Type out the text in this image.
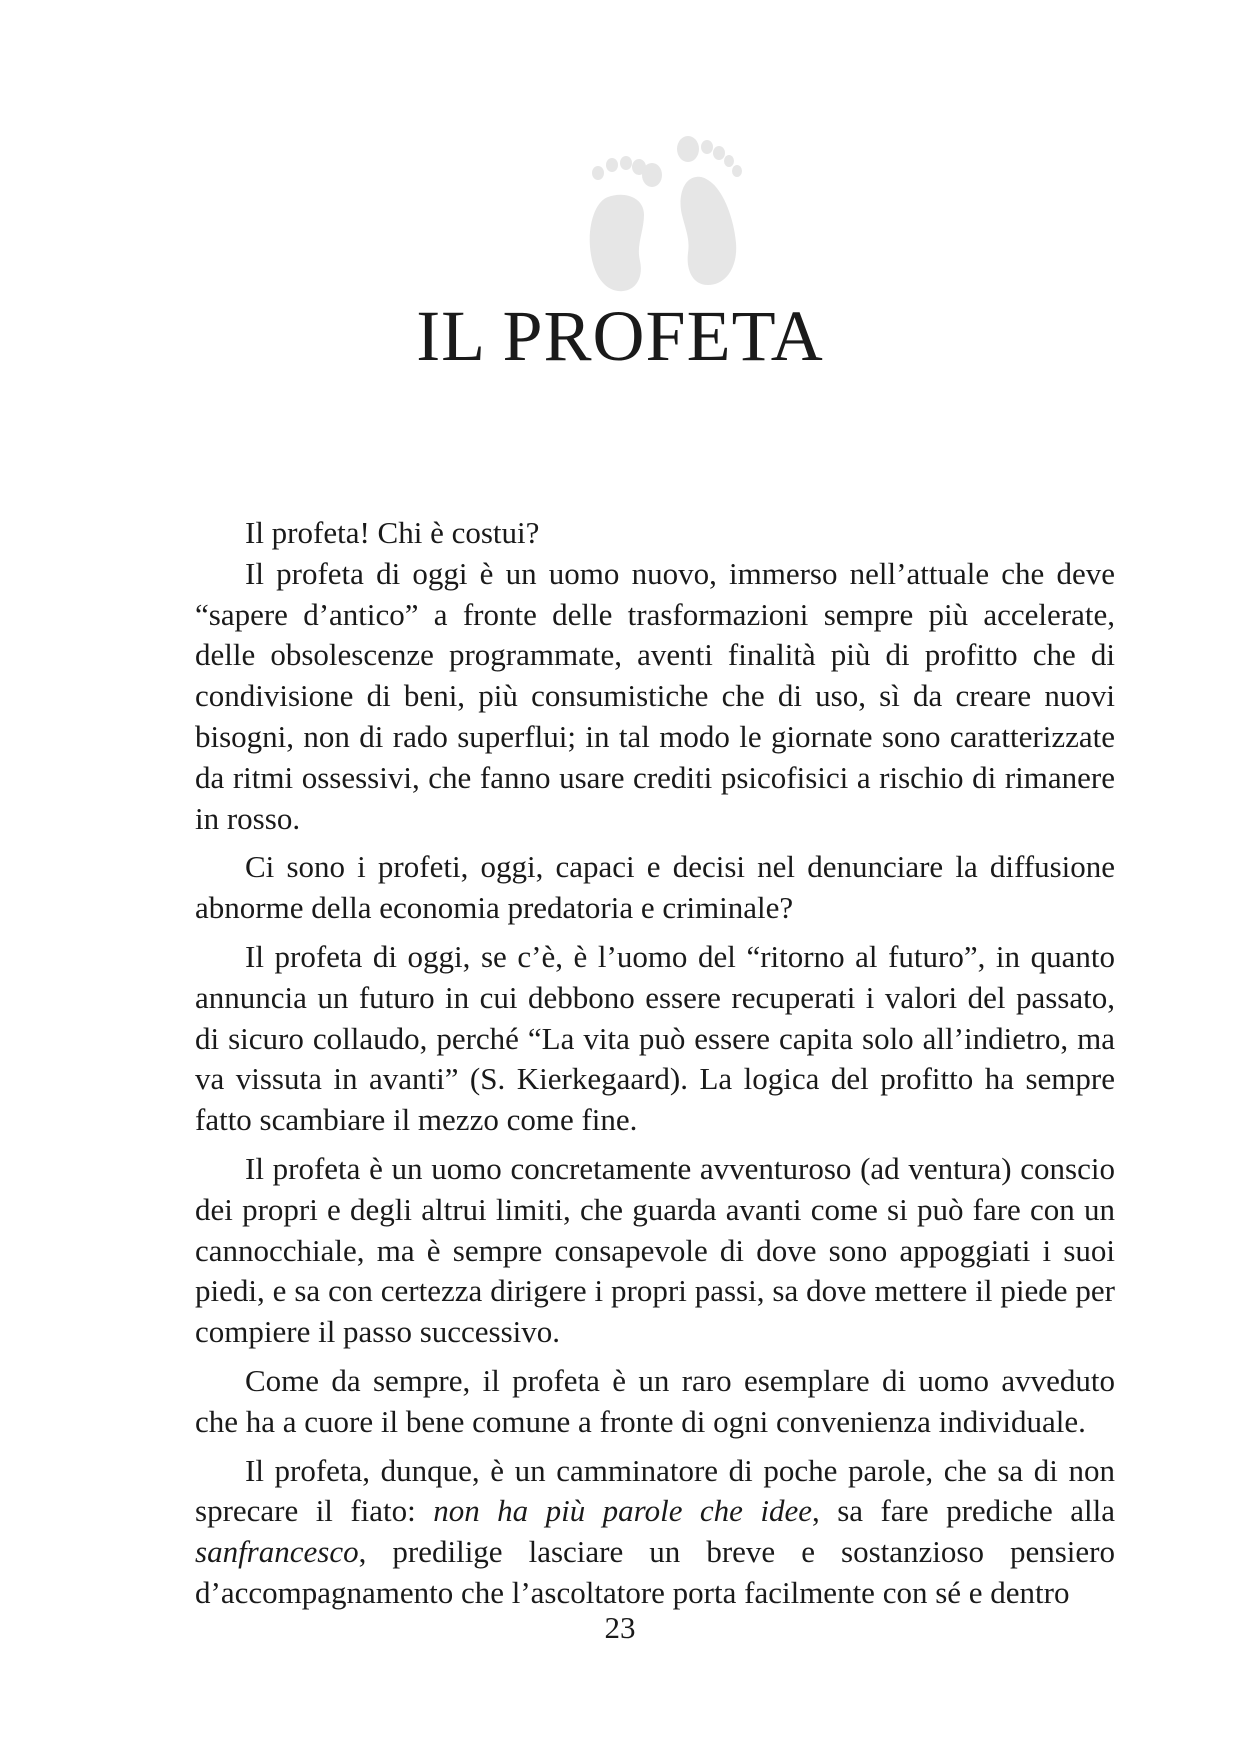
IL PROFETA

Il profeta! Chi è costui?

Il profeta di oggi è un uomo nuovo, immerso nell’attuale che deve “sapere d’antico” a fronte delle trasformazioni sempre più accelerate, delle obsolescenze programmate, aventi finalità più di profitto che di condivisione di beni, più consumistiche che di uso, sì da creare nuovi bisogni, non di rado superflui; in tal modo le giornate sono caratterizzate da ritmi ossessivi, che fanno usare crediti psicofisici a rischio di rimanere in rosso.

Ci sono i profeti, oggi, capaci e decisi nel denunciare la diffusione abnorme della economia predatoria e criminale?

Il profeta di oggi, se c’è, è l’uomo del “ritorno al futuro”, in quanto annuncia un futuro in cui debbono essere recuperati i valori del passato, di sicuro collaudo, perché “La vita può essere capita solo all’indietro, ma va vissuta in avanti” (S. Kierkegaard). La logica del profitto ha sempre fatto scambiare il mezzo come fine.

Il profeta è un uomo concretamente avventuroso (ad ventura) conscio dei propri e degli altrui limiti, che guarda avanti come si può fare con un cannocchiale, ma è sempre consapevole di dove sono appoggiati i suoi piedi, e sa con certezza dirigere i propri passi, sa dove mettere il piede per compiere il passo successivo.

Come da sempre, il profeta è un raro esemplare di uomo avveduto che ha a cuore il bene comune a fronte di ogni convenienza individuale.

Il profeta, dunque, è un camminatore di poche parole, che sa di non sprecare il fiato: non ha più parole che idee, sa fare prediche alla sanfrancesco, predilige lasciare un breve e sostanzioso pensiero d’accompagnamento che l’ascoltatore porta facilmente con sé e dentro

23
